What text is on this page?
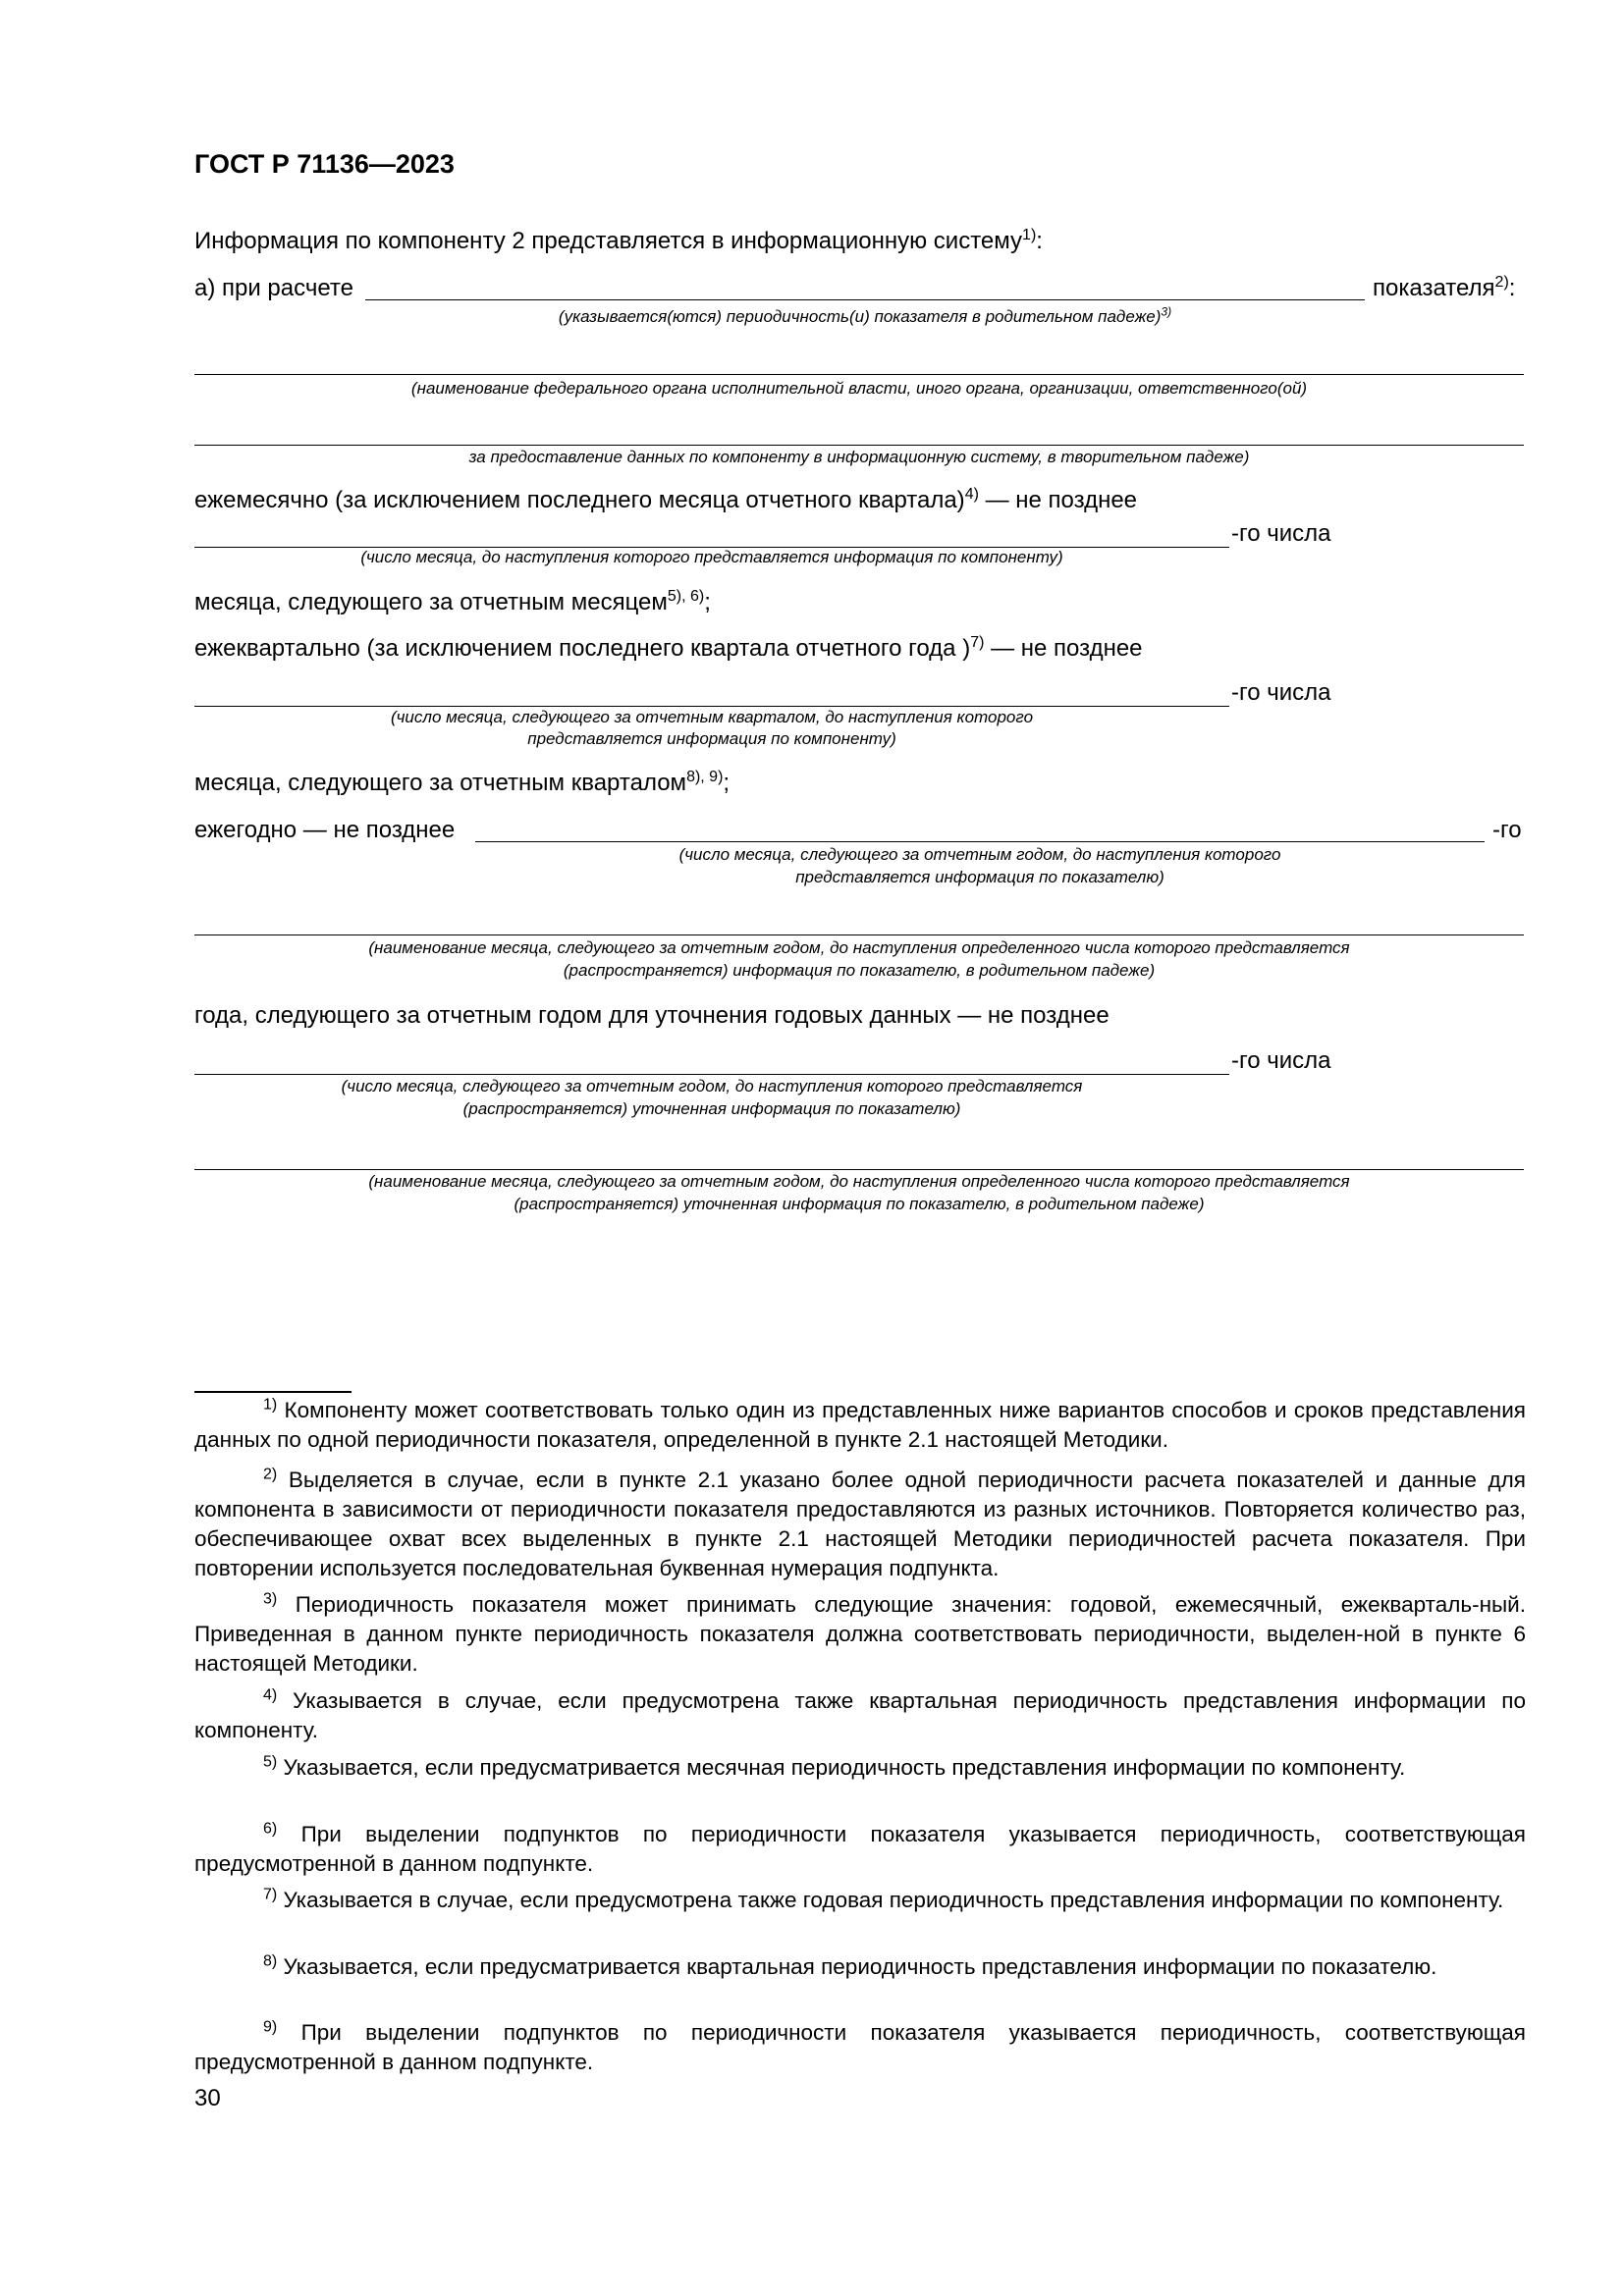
ГОСТ Р 71136—2023
Информация по компоненту 2 представляется в информационную систему$^{1)}$:
а) при расчете	показателя$^{2)}$:
(указывается(ются) периодичность(и) показателя в родительном падеже)$^{3)}$
(наименование федерального органа исполнительной власти, иного органа, организации, ответственного(ой)
за предоставление данных по компоненту в информационную систему, в творительном падеже)
ежемесячно (за исключением последнего месяца отчетного квартала)$^{4)}$ — не позднее
-го числа
(число месяца, до наступления которого представляется информация по компоненту)
месяца, следующего за отчетным месяцем$^{5), 6)}$;
ежеквартально (за исключением последнего квартала отчетного года )$^{7)}$ — не позднее
-го числа
(число месяца, следующего за отчетным кварталом, до наступления которого
представляется информация по компоненту)
месяца, следующего за отчетным кварталом$^{8), 9)}$;
ежегодно — не позднее	-го
(число месяца, следующего за отчетным годом, до наступления которого
представляется информация по показателю)
(наименование месяца, следующего за отчетным годом, до наступления определенного числа которого представляется
(распространяется) информация по показателю, в родительном падеже)
года, следующего за отчетным годом для уточнения годовых данных — не позднее
-го числа
(число месяца, следующего за отчетным годом, до наступления которого представляется
(распространяется) уточненная информация по показателю)
(наименование месяца, следующего за отчетным годом, до наступления определенного числа которого представляется
(распространяется) уточненная информация по показателю, в родительном падеже)
$^{1)}$ Компоненту может соответствовать только один из представленных ниже вариантов способов и сроков представления данных по одной периодичности показателя, определенной в пункте 2.1 настоящей Методики.
$^{2)}$ Выделяется в случае, если в пункте 2.1 указано более одной периодичности расчета показателей и данные для компонента в зависимости от периодичности показателя предоставляются из разных источников. Повторяется количество раз, обеспечивающее охват всех выделенных в пункте 2.1 настоящей Методики периодичностей расчета показателя. При повторении используется последовательная буквенная нумерация подпункта.
$^{3)}$ Периодичность показателя может принимать следующие значения: годовой, ежемесячный, ежекварталь-ный. Приведенная в данном пункте периодичность показателя должна соответствовать периодичности, выделен-ной в пункте 6 настоящей Методики.
$^{4)}$ Указывается в случае, если предусмотрена также квартальная периодичность представления информации по компоненту.
$^{5)}$ Указывается, если предусматривается месячная периодичность представления информации по компоненту.
$^{6)}$ При выделении подпунктов по периодичности показателя указывается периодичность, соответствующая предусмотренной в данном подпункте.
$^{7)}$ Указывается в случае, если предусмотрена также годовая периодичность представления информации по компоненту.
$^{8)}$ Указывается, если предусматривается квартальная периодичность представления информации по показателю.
$^{9)}$ При выделении подпунктов по периодичности показателя указывается периодичность, соответствующая предусмотренной в данном подпункте.
30
